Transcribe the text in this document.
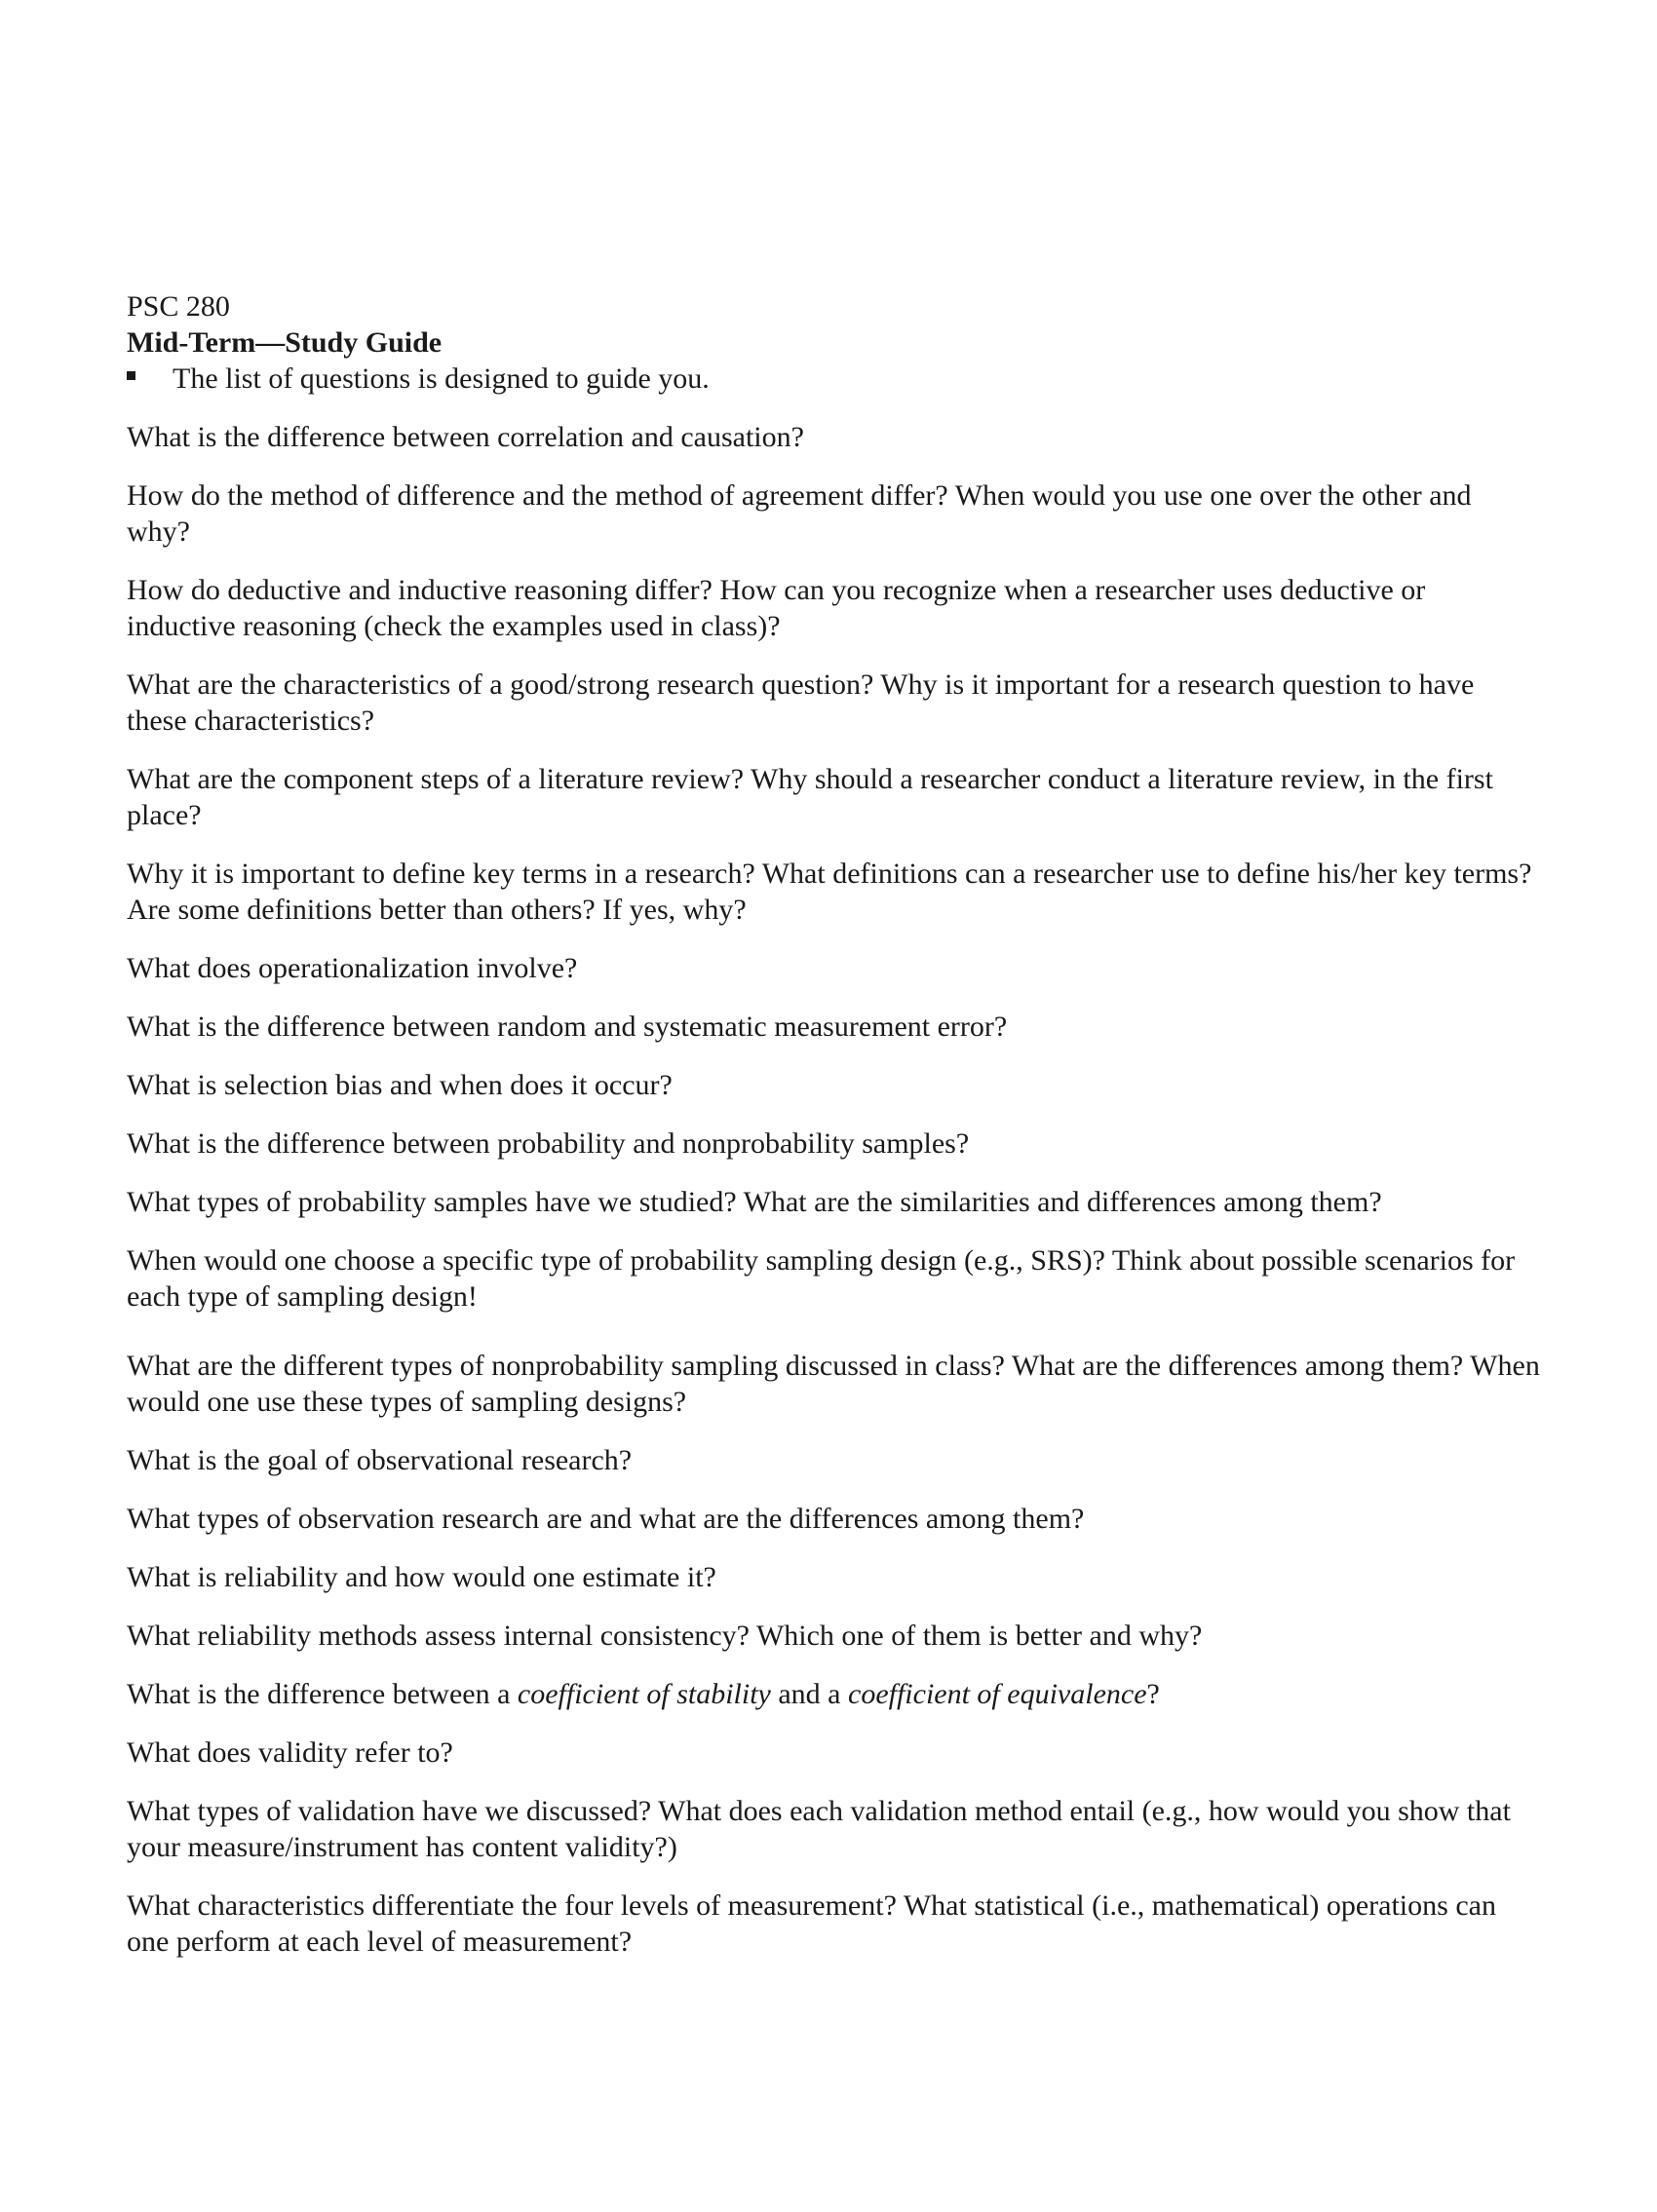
PSC 280

Mid-Term—Study Guide

The list of questions is designed to guide you.

What is the difference between correlation and causation?

How do the method of difference and the method of agreement differ? When would you use one over the other and why?

How do deductive and inductive reasoning differ? How can you recognize when a researcher uses deductive or inductive reasoning (check the examples used in class)?

What are the characteristics of a good/strong research question? Why is it important for a research question to have these characteristics?

What are the component steps of a literature review? Why should a researcher conduct a literature review, in the first place?

Why it is important to define key terms in a research? What definitions can a researcher use to define his/her key terms? Are some definitions better than others? If yes, why?

What does operationalization involve?

What is the difference between random and systematic measurement error?

What is selection bias and when does it occur?

What is the difference between probability and nonprobability samples?

What types of probability samples have we studied? What are the similarities and differences among them?

When would one choose a specific type of probability sampling design (e.g., SRS)? Think about possible scenarios for each type of sampling design!

What are the different types of nonprobability sampling discussed in class? What are the differences among them? When would one use these types of sampling designs?

What is the goal of observational research?

What types of observation research are and what are the differences among them?

What is reliability and how would one estimate it?

What reliability methods assess internal consistency? Which one of them is better and why?

What is the difference between a coefficient of stability and a coefficient of equivalence?

What does validity refer to?

What types of validation have we discussed? What does each validation method entail (e.g., how would you show that your measure/instrument has content validity?)

What characteristics differentiate the four levels of measurement? What statistical (i.e., mathematical) operations can one perform at each level of measurement?
